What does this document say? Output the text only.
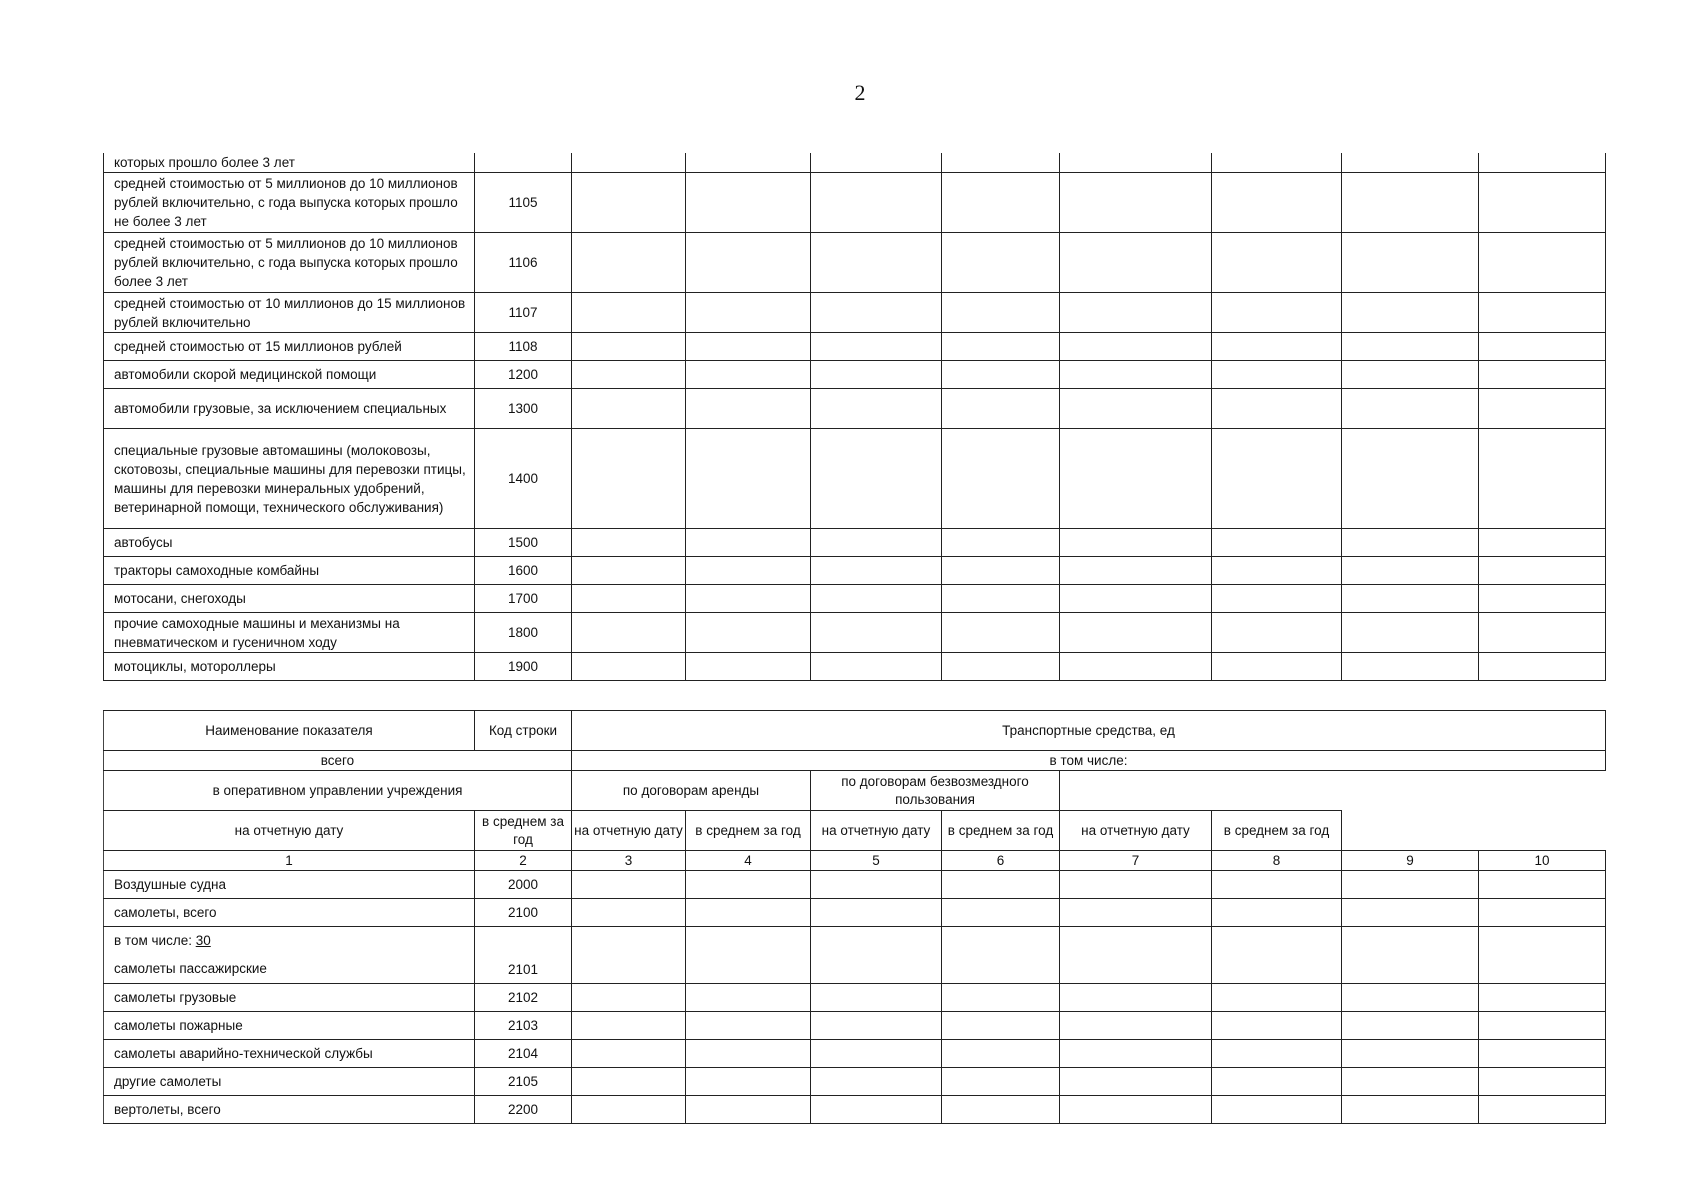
2
которых прошло более 3 лет									
средней стоимостью от 5 миллионов до 10 миллионов рублей включительно, с года выпуска которых прошло не более 3 лет	1105								
средней стоимостью от 5 миллионов до 10 миллионов рублей включительно, с года выпуска которых прошло более 3 лет	1106								
средней стоимостью от 10 миллионов до 15 миллионов рублей включительно	1107								
средней стоимостью от 15 миллионов рублей	1108								
автомобили скорой медицинской помощи	1200								
автомобили грузовые, за исключением специальных	1300								
специальные грузовые автомашины (молоковозы, скотовозы, специальные машины для перевозки птицы, машины для перевозки минеральных удобрений, ветеринарной помощи, технического обслуживания)	1400								
автобусы	1500								
тракторы самоходные комбайны	1600								
мотосани, снегоходы	1700								
прочие самоходные машины и механизмы на пневматическом и гусеничном ходу	1800								
мотоциклы, мотороллеры	1900								
Наименование показателя	Код строки	Транспортные средства, ед							
всего		в том числе:							
в оперативном управлении учреждения		по договорам аренды		по договорам безвозмездного пользования					
на отчетную дату	в среднем за год	на отчетную дату	в среднем за год	на отчетную дату	в среднем за год	на отчетную дату	в среднем за год		
1	2	3	4	5	6	7	8	9	10
Воздушные судна	2000								
самолеты, всего	2100								
в том числе: 30
самолеты пассажирские	2101								
самолеты грузовые	2102								
самолеты пожарные	2103								
самолеты аварийно-технической службы	2104								
другие самолеты	2105								
вертолеты, всего	2200								
